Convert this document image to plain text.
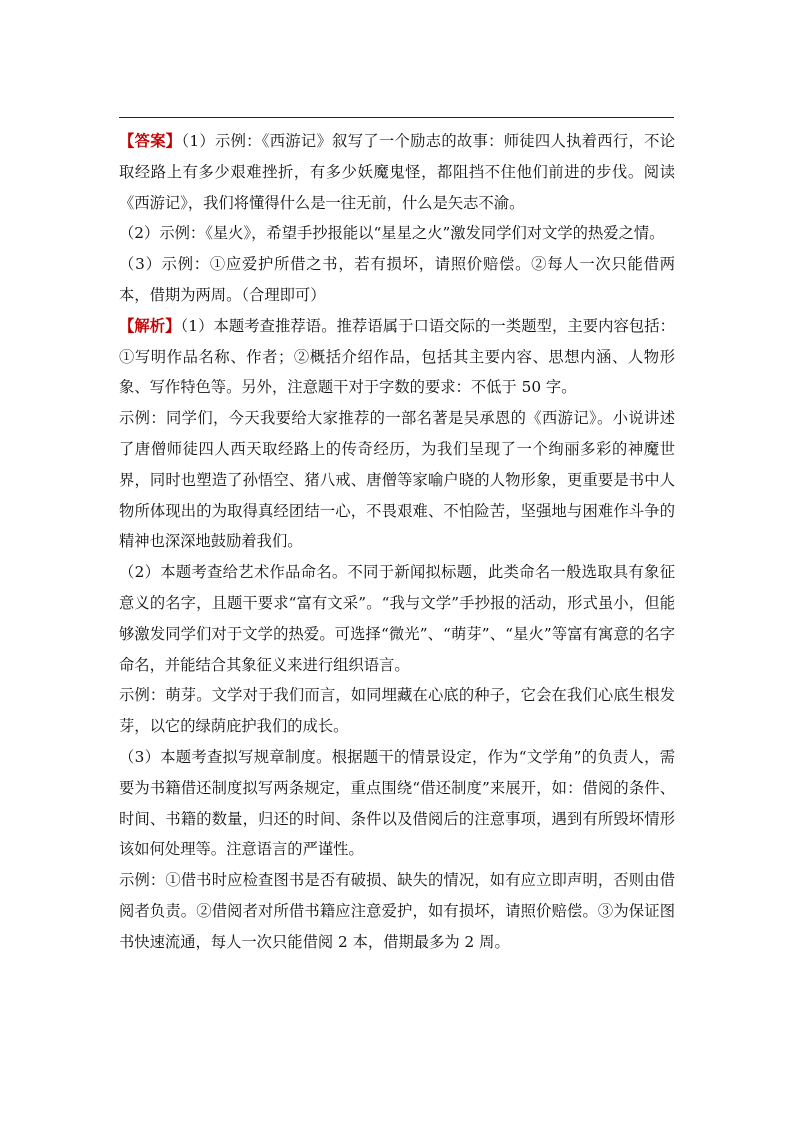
【答案】（1）示例：《西游记》叙写了一个励志的故事：师徒四人执着西行，不论取经路上有多少艰难挫折，有多少妖魔鬼怪，都阻挡不住他们前进的步伐。阅读《西游记》，我们将懂得什么是一往无前，什么是矢志不渝。

（2）示例：《星火》，希望手抄报能以“星星之火”激发同学们对文学的热爱之情。

（3）示例：①应爱护所借之书，若有损坏，请照价赔偿。②每人一次只能借两本，借期为两周。（合理即可）

【解析】（1）本题考查推荐语。推荐语属于口语交际的一类题型，主要内容包括：①写明作品名称、作者；②概括介绍作品，包括其主要内容、思想内涵、人物形象、写作特色等。另外，注意题干对于字数的要求：不低于 50 字。

示例：同学们，今天我要给大家推荐的一部名著是吴承恩的《西游记》。小说讲述了唐僧师徒四人西天取经路上的传奇经历，为我们呈现了一个绚丽多彩的神魔世界，同时也塑造了孙悟空、猪八戒、唐僧等家喻户晓的人物形象，更重要是书中人物所体现出的为取得真经团结一心，不畏艰难、不怕险苦，坚强地与困难作斗争的精神也深深地鼓励着我们。

（2）本题考查给艺术作品命名。不同于新闻拟标题，此类命名一般选取具有象征意义的名字，且题干要求“富有文采”。“我与文学”手抄报的活动，形式虽小，但能够激发同学们对于文学的热爱。可选择“微光”、“萌芽”、“星火”等富有寓意的名字命名，并能结合其象征义来进行组织语言。

示例：萌芽。文学对于我们而言，如同埋藏在心底的种子，它会在我们心底生根发芽，以它的绿荫庇护我们的成长。

（3）本题考查拟写规章制度。根据题干的情景设定，作为“文学角”的负责人，需要为书籍借还制度拟写两条规定，重点围绕“借还制度”来展开，如：借阅的条件、时间、书籍的数量，归还的时间、条件以及借阅后的注意事项，遇到有所毁坏情形该如何处理等。注意语言的严谨性。

示例：①借书时应检查图书是否有破损、缺失的情况，如有应立即声明，否则由借阅者负责。②借阅者对所借书籍应注意爱护，如有损坏，请照价赔偿。③为保证图书快速流通，每人一次只能借阅 2 本，借期最多为 2 周。
